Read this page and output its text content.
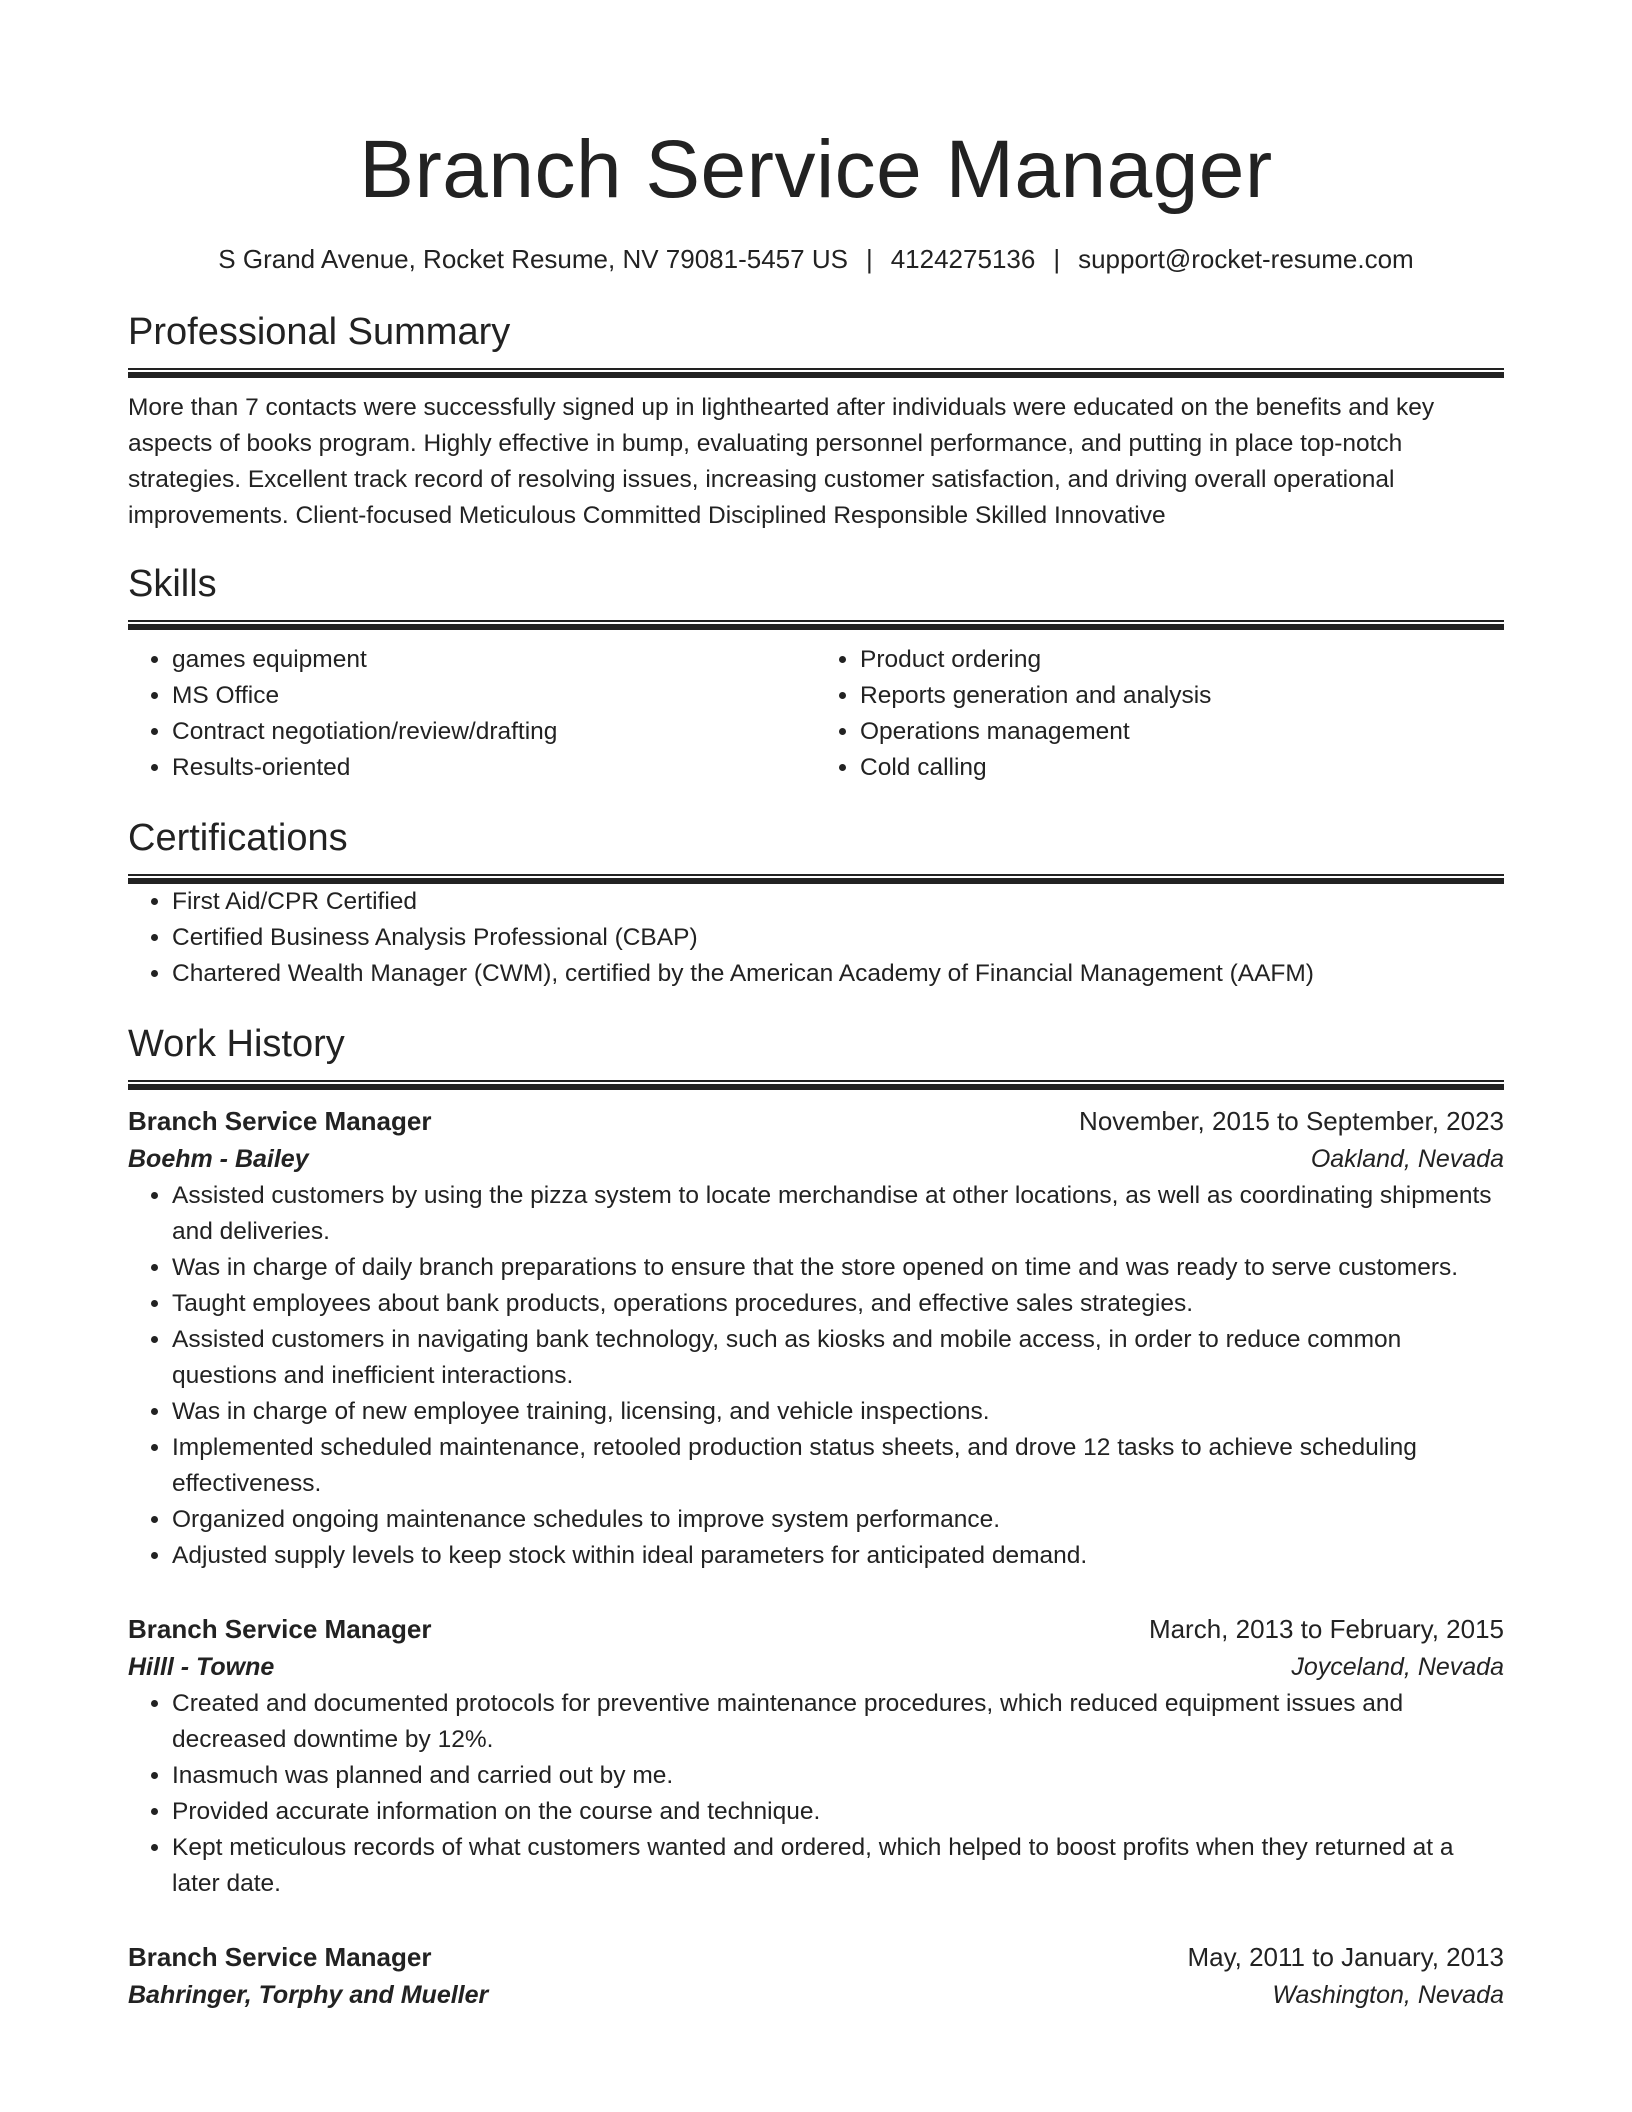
Branch Service Manager
S Grand Avenue, Rocket Resume, NV 79081-5457 US | 4124275136 | support@rocket-resume.com
Professional Summary

More than 7 contacts were successfully signed up in lighthearted after individuals were educated on the benefits and key aspects of books program. Highly effective in bump, evaluating personnel performance, and putting in place top-notch strategies. Excellent track record of resolving issues, increasing customer satisfaction, and driving overall operational improvements. Client-focused Meticulous Committed Disciplined Responsible Skilled Innovative

Skills
• games equipment
• MS Office
• Contract negotiation/review/drafting
• Results-oriented
• Product ordering
• Reports generation and analysis
• Operations management
• Cold calling
Certifications
• First Aid/CPR Certified
• Certified Business Analysis Professional (CBAP)
• Chartered Wealth Manager (CWM), certified by the American Academy of Financial Management (AAFM)
Work History
Branch Service Manager	November, 2015 to September, 2023
Boehm - Bailey	Oakland, Nevada
• Assisted customers by using the pizza system to locate merchandise at other locations, as well as coordinating shipments and deliveries.
• Was in charge of daily branch preparations to ensure that the store opened on time and was ready to serve customers.
• Taught employees about bank products, operations procedures, and effective sales strategies.
• Assisted customers in navigating bank technology, such as kiosks and mobile access, in order to reduce common questions and inefficient interactions.
• Was in charge of new employee training, licensing, and vehicle inspections.
• Implemented scheduled maintenance, retooled production status sheets, and drove 12 tasks to achieve scheduling effectiveness.
• Organized ongoing maintenance schedules to improve system performance.
• Adjusted supply levels to keep stock within ideal parameters for anticipated demand.
Branch Service Manager	March, 2013 to February, 2015
Hilll - Towne	Joyceland, Nevada
• Created and documented protocols for preventive maintenance procedures, which reduced equipment issues and decreased downtime by 12%.
• Inasmuch was planned and carried out by me.
• Provided accurate information on the course and technique.
• Kept meticulous records of what customers wanted and ordered, which helped to boost profits when they returned at a later date.
Branch Service Manager	May, 2011 to January, 2013
Bahringer, Torphy and Mueller	Washington, Nevada
